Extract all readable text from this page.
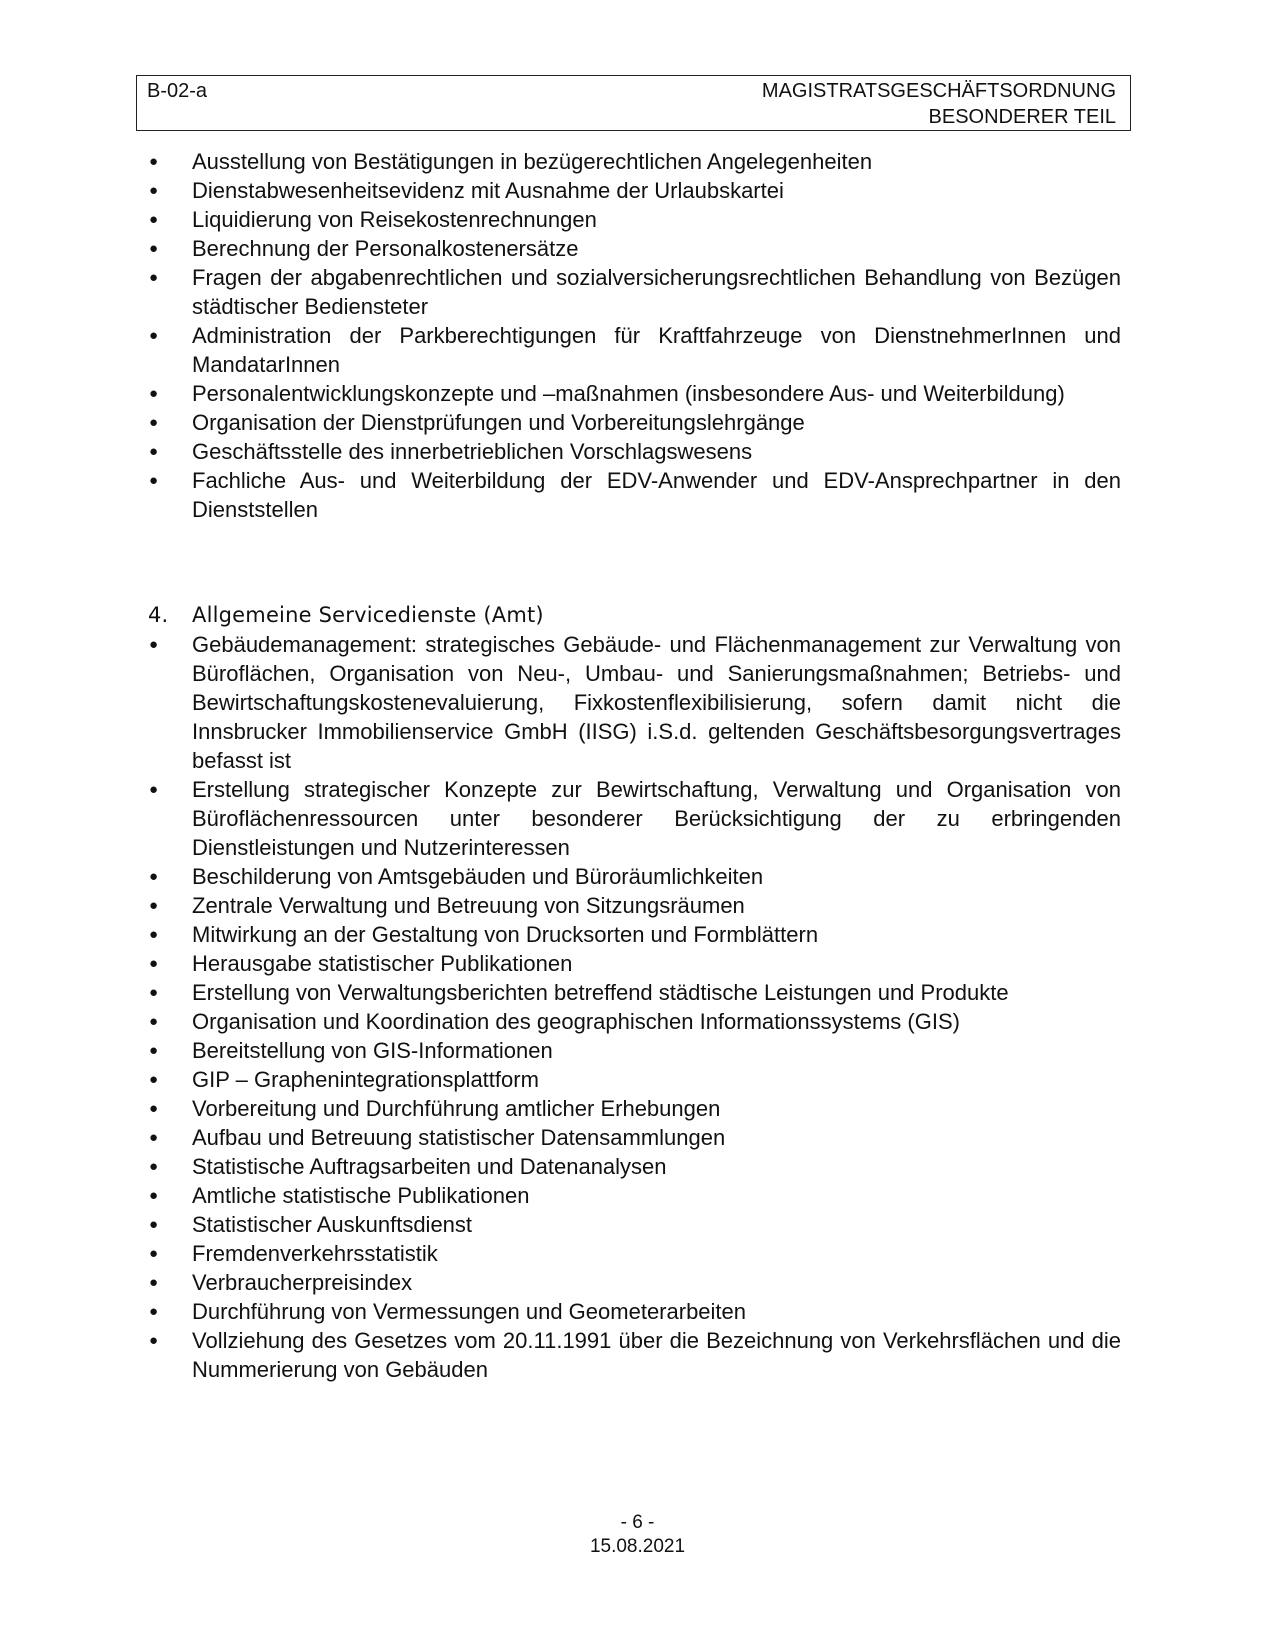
B-02-a	MAGISTRATSGESCHÄFTSORDNUNG
BESONDERER TEIL
● Ausstellung von Bestätigungen in bezügerechtlichen Angelegenheiten
● Dienstabwesenheitsevidenz mit Ausnahme der Urlaubskartei
● Liquidierung von Reisekostenrechnungen
● Berechnung der Personalkostenersätze
● Fragen der abgabenrechtlichen und sozialversicherungsrechtlichen Behandlung von Bezügen städtischer Bediensteter
● Administration der Parkberechtigungen für Kraftfahrzeuge von DienstnehmerInnen und MandatarInnen
● Personalentwicklungskonzepte und –maßnahmen (insbesondere Aus- und Weiterbildung)
● Organisation der Dienstprüfungen und Vorbereitungslehrgänge
● Geschäftsstelle des innerbetrieblichen Vorschlagswesens
● Fachliche Aus- und Weiterbildung der EDV-Anwender und EDV-Ansprechpartner in den Dienststellen
4. Allgemeine Servicedienste (Amt)
● Gebäudemanagement: strategisches Gebäude- und Flächenmanagement zur Verwaltung von Büroflächen, Organisation von Neu-, Umbau- und Sanierungsmaßnahmen; Betriebs- und Bewirtschaftungskostenevaluierung, Fixkostenflexibilisierung, sofern damit nicht die Innsbrucker Immobilienservice GmbH (IISG) i.S.d. geltenden Geschäftsbesorgungsvertrages befasst ist
● Erstellung strategischer Konzepte zur Bewirtschaftung, Verwaltung und Organisation von Büroflächenressourcen unter besonderer Berücksichtigung der zu erbringenden Dienstleistungen und Nutzerinteressen
● Beschilderung von Amtsgebäuden und Büroräumlichkeiten
● Zentrale Verwaltung und Betreuung von Sitzungsräumen
● Mitwirkung an der Gestaltung von Drucksorten und Formblättern
● Herausgabe statistischer Publikationen
● Erstellung von Verwaltungsberichten betreffend städtische Leistungen und Produkte
● Organisation und Koordination des geographischen Informationssystems (GIS)
● Bereitstellung von GIS-Informationen
● GIP – Graphenintegrationsplattform
● Vorbereitung und Durchführung amtlicher Erhebungen
● Aufbau und Betreuung statistischer Datensammlungen
● Statistische Auftragsarbeiten und Datenanalysen
● Amtliche statistische Publikationen
● Statistischer Auskunftsdienst
● Fremdenverkehrsstatistik
● Verbraucherpreisindex
● Durchführung von Vermessungen und Geometerarbeiten
● Vollziehung des Gesetzes vom 20.11.1991 über die Bezeichnung von Verkehrsflächen und die Nummerierung von Gebäuden
- 6 -
15.08.2021
